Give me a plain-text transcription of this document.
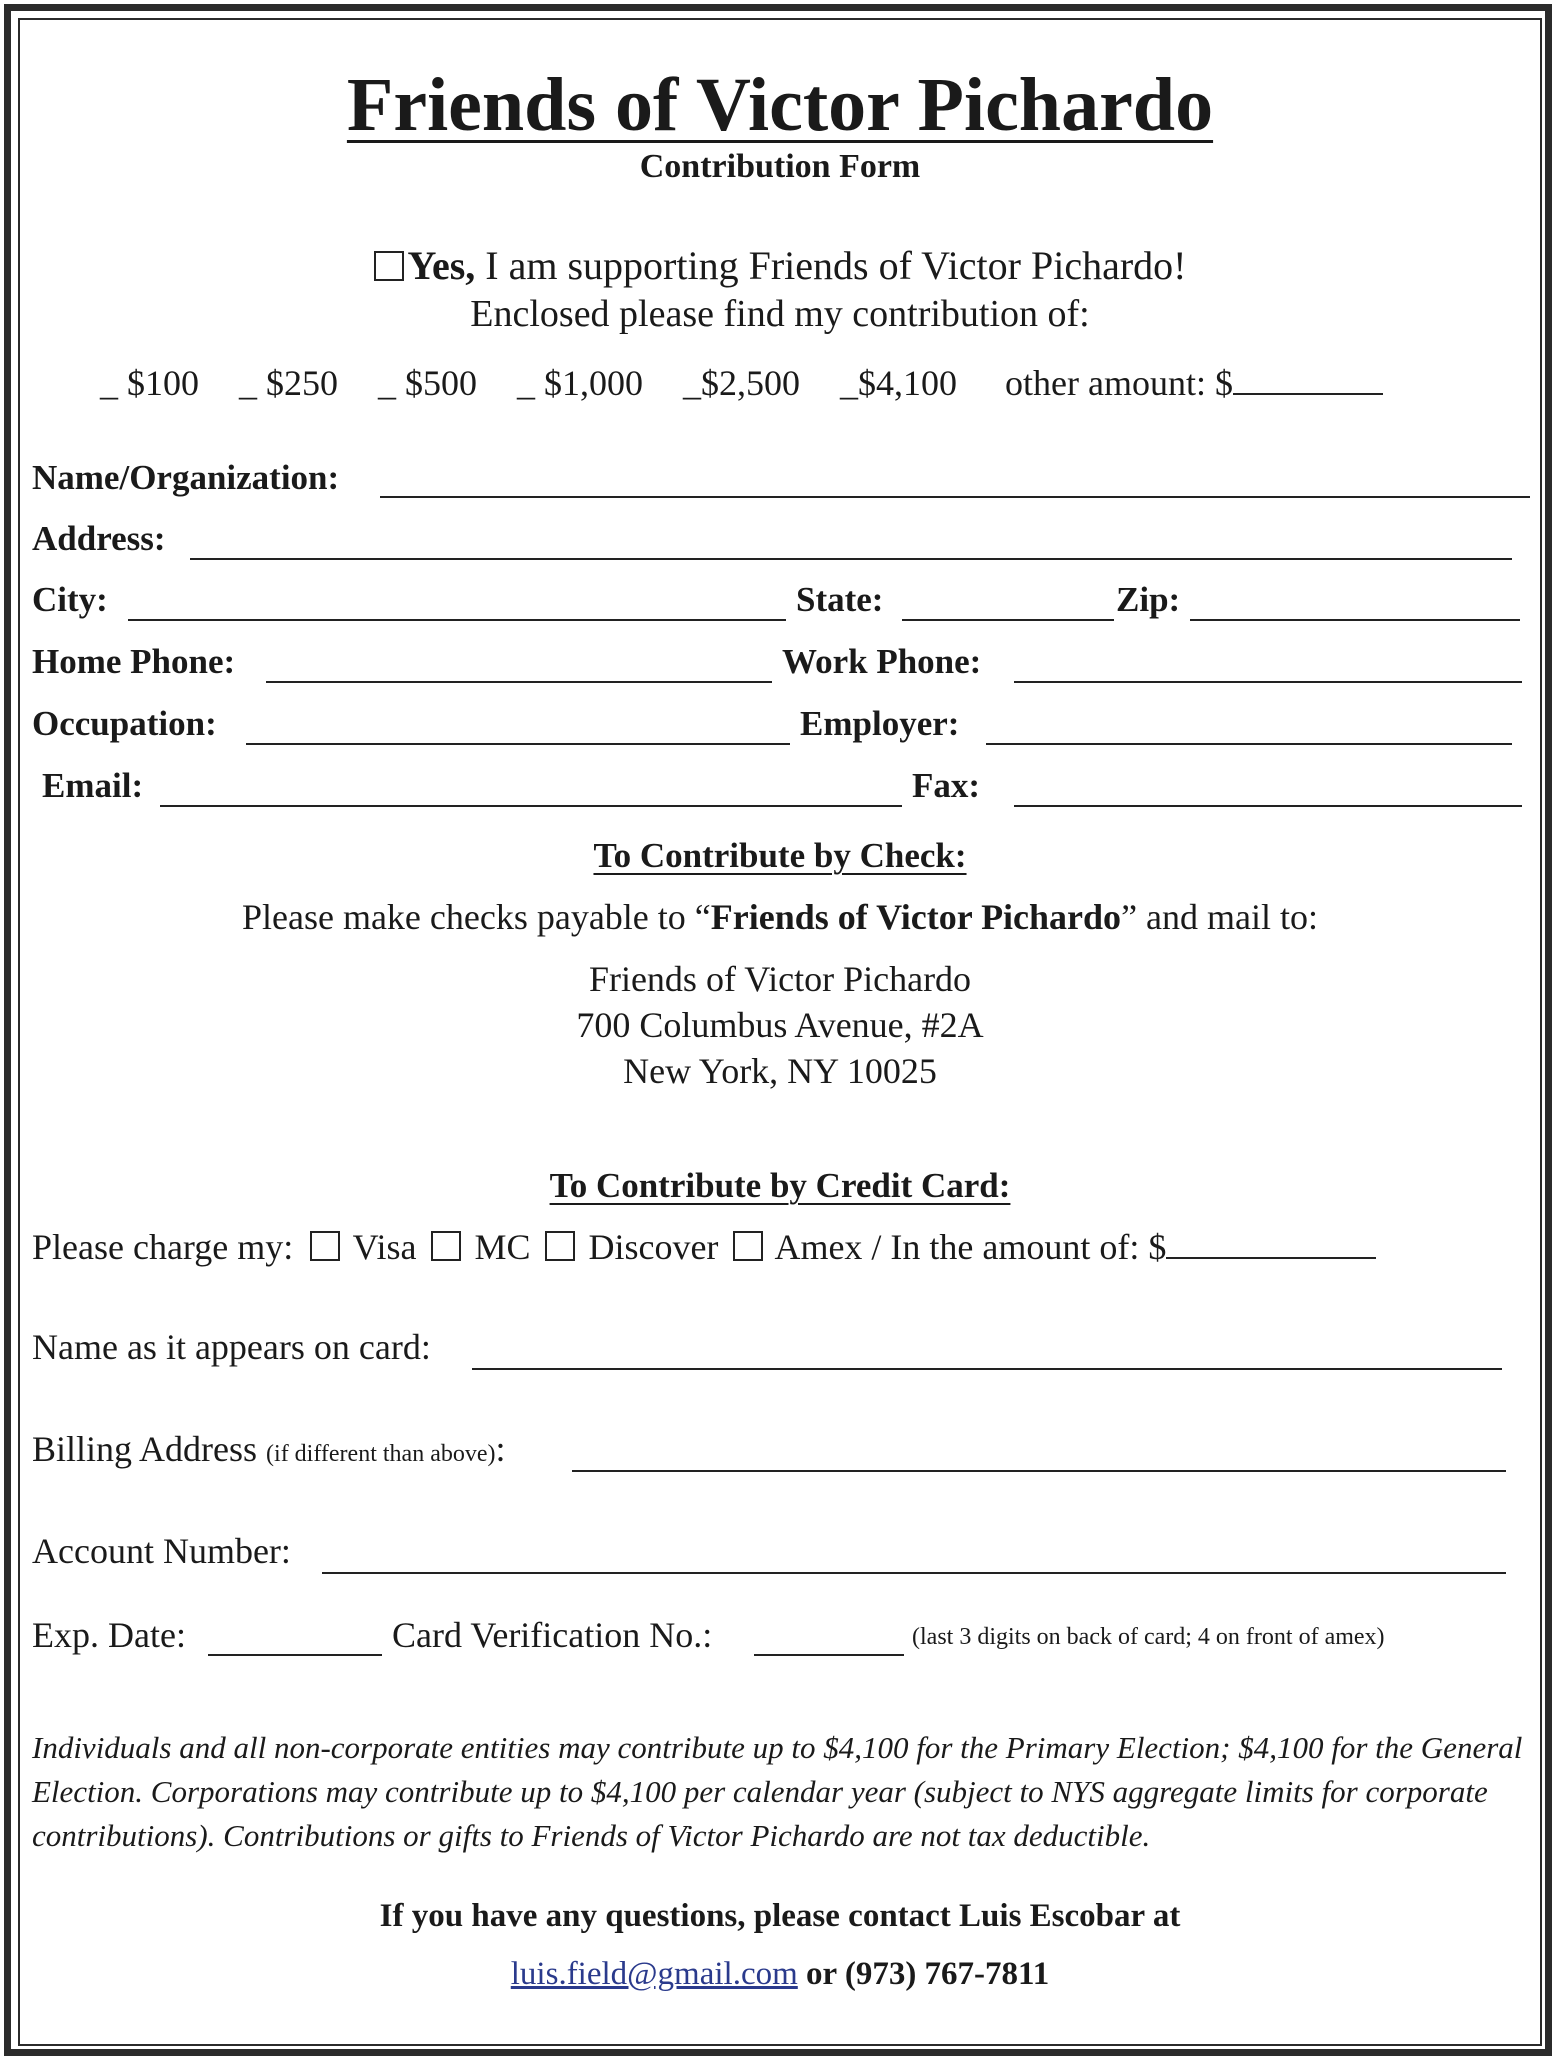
Friends of Victor Pichardo
Contribution Form
Yes, I am supporting Friends of Victor Pichardo!
Enclosed please find my contribution of:
_ $100 _ $250 _ $500 _ $1,000 _$2,500 _$4,100 other amount: $
Name/Organization:
Address:
City:	State:	Zip:
Home Phone:	Work Phone:
Occupation:	Employer:
Email:	Fax:
To Contribute by Check:
Please make checks payable to “Friends of Victor Pichardo” and mail to:
Friends of Victor Pichardo
700 Columbus Avenue, #2A
New York, NY 10025
To Contribute by Credit Card:
Please charge my: Visa MC Discover Amex / In the amount of: $
Name as it appears on card:
Billing Address (if different than above):
Account Number:
Exp. Date:	Card Verification No.:	(last 3 digits on back of card; 4 on front of amex)
Individuals and all non-corporate entities may contribute up to $4,100 for the Primary Election; $4,100 for the General Election. Corporations may contribute up to $4,100 per calendar year (subject to NYS aggregate limits for corporate contributions). Contributions or gifts to Friends of Victor Pichardo are not tax deductible.
If you have any questions, please contact Luis Escobar at
luis.field@gmail.com or (973) 767-7811
